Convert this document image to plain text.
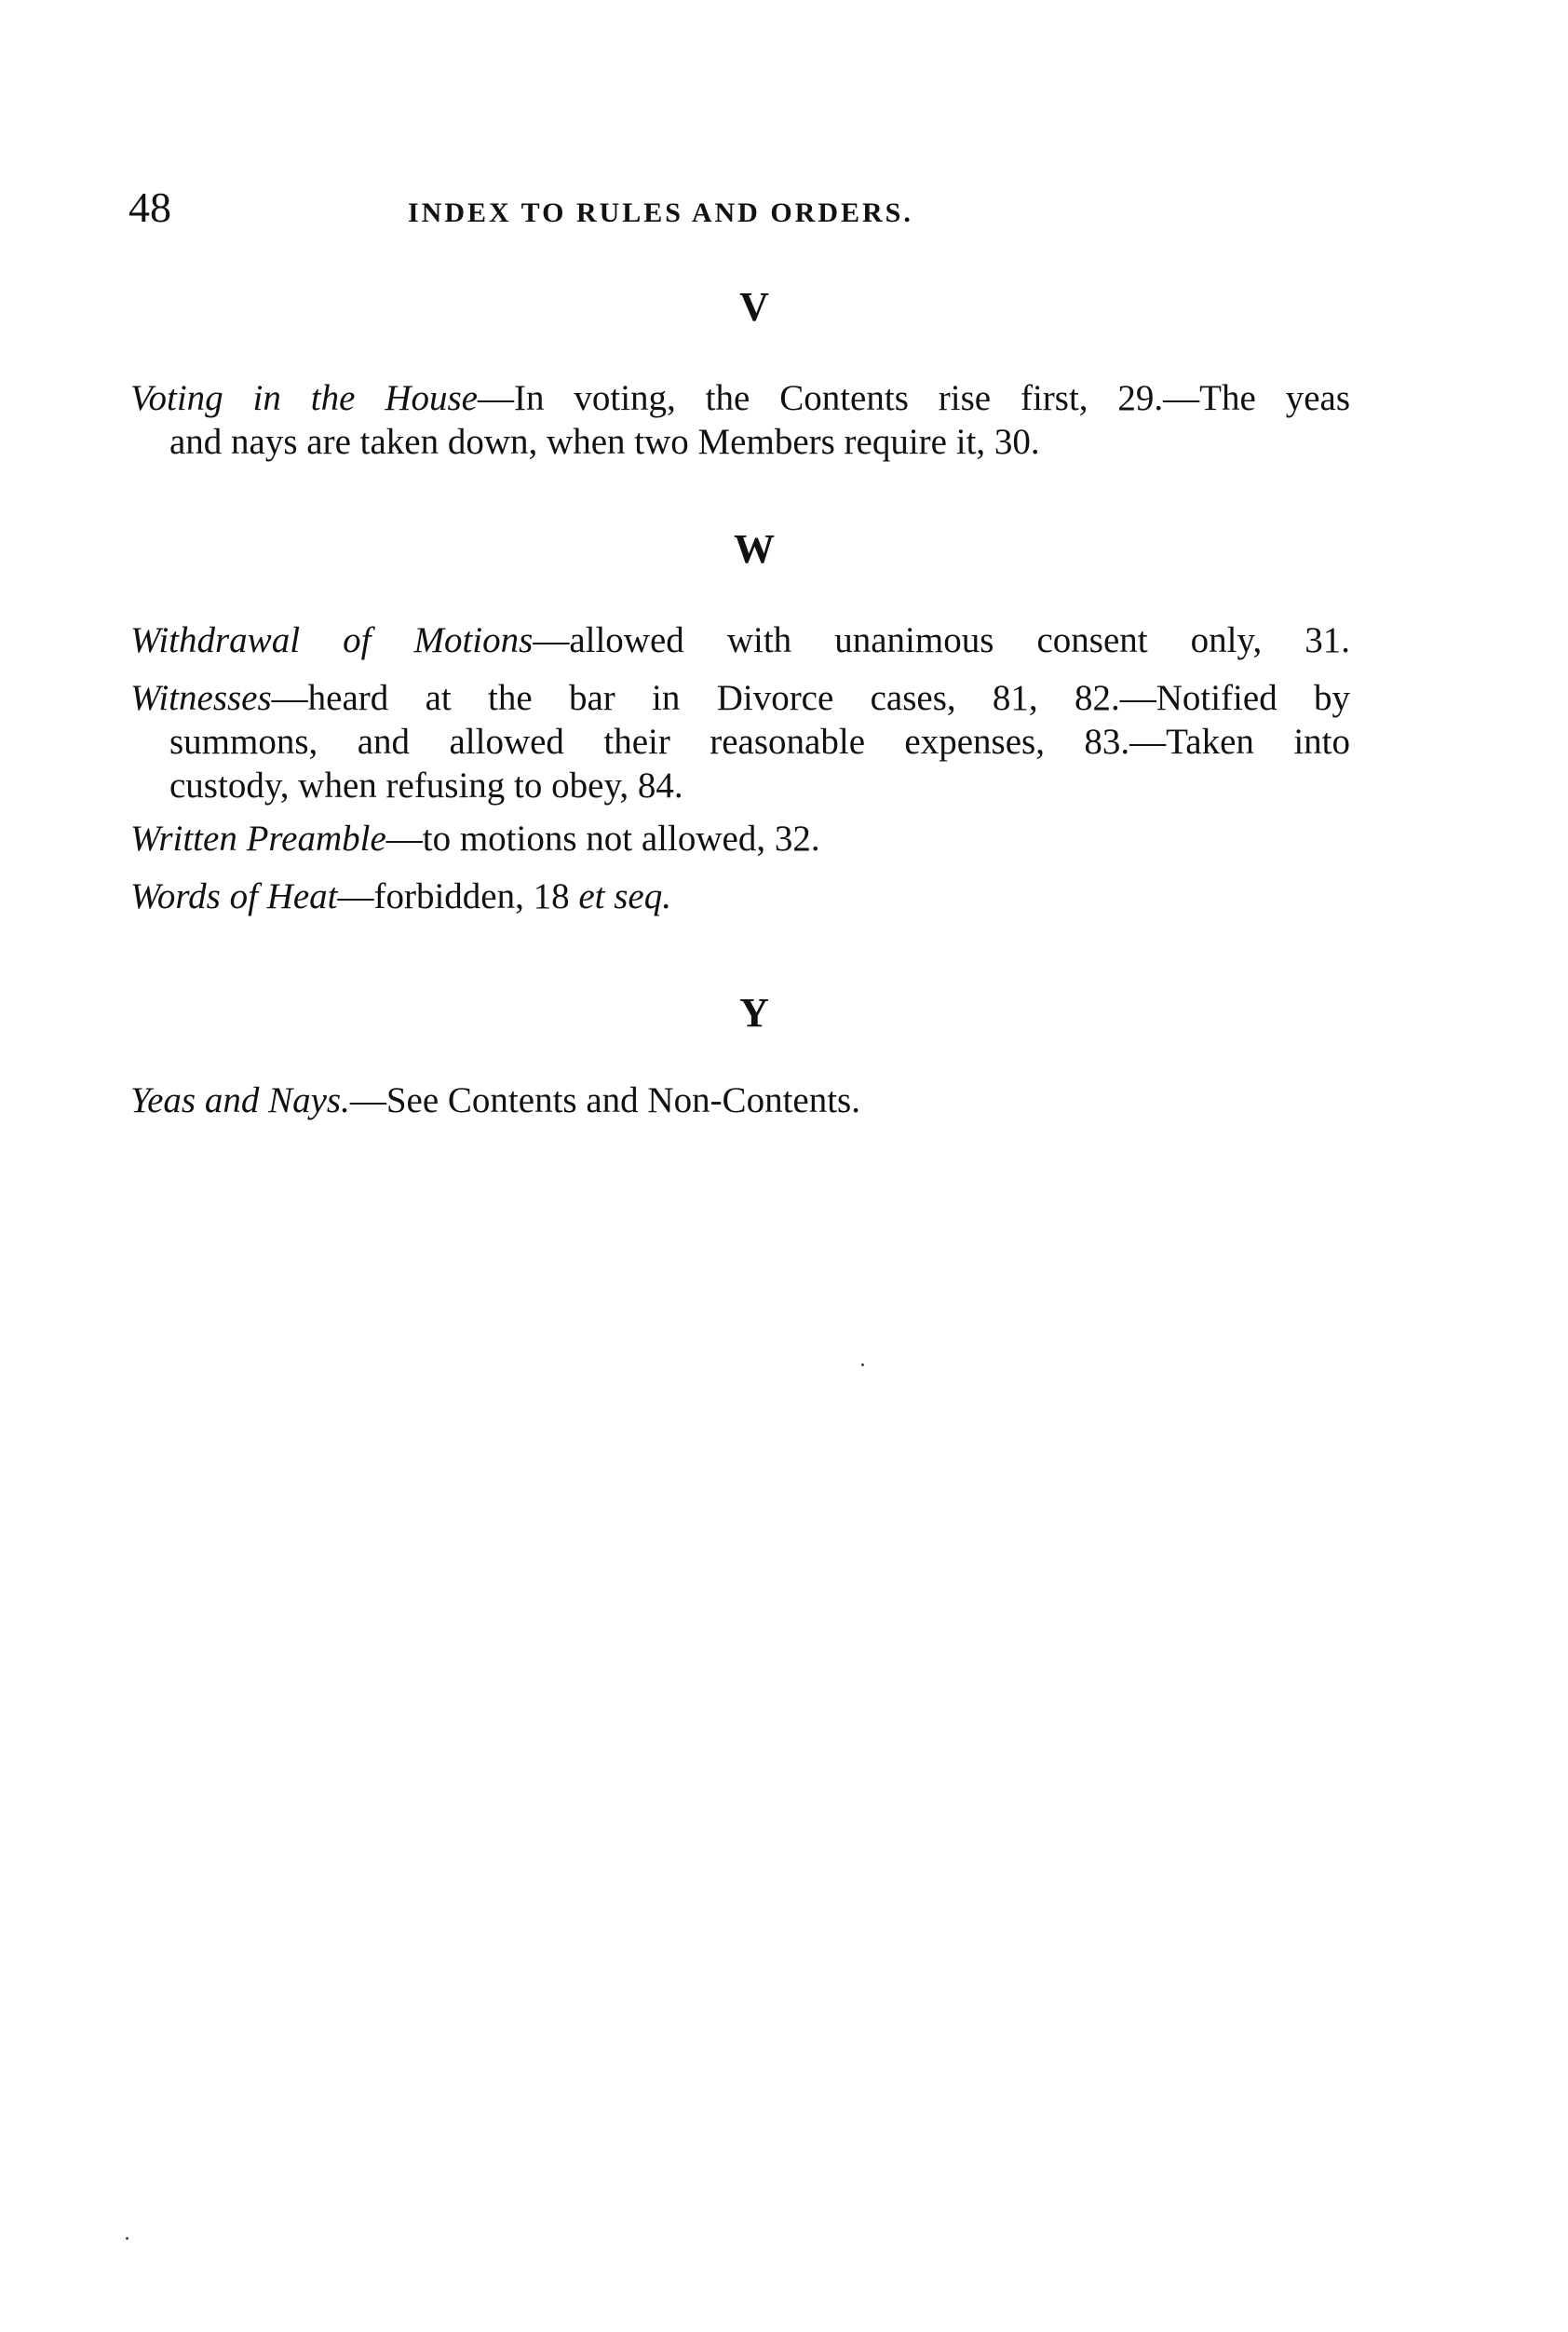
48	INDEX TO RULES AND ORDERS.
V
Voting in the House—In voting, the Contents rise first, 29.—The yeas
and nays are taken down, when two Members require it, 30.
W
Withdrawal of Motions—allowed with unanimous consent only, 31.
Witnesses—heard at the bar in Divorce cases, 81, 82.—Notified by
summons, and allowed their reasonable expenses, 83.—Taken into
custody, when refusing to obey, 84.
Written Preamble—to motions not allowed, 32.
Words of Heat—forbidden, 18 et seq.
Y
Yeas and Nays.—See Contents and Non-Contents.
